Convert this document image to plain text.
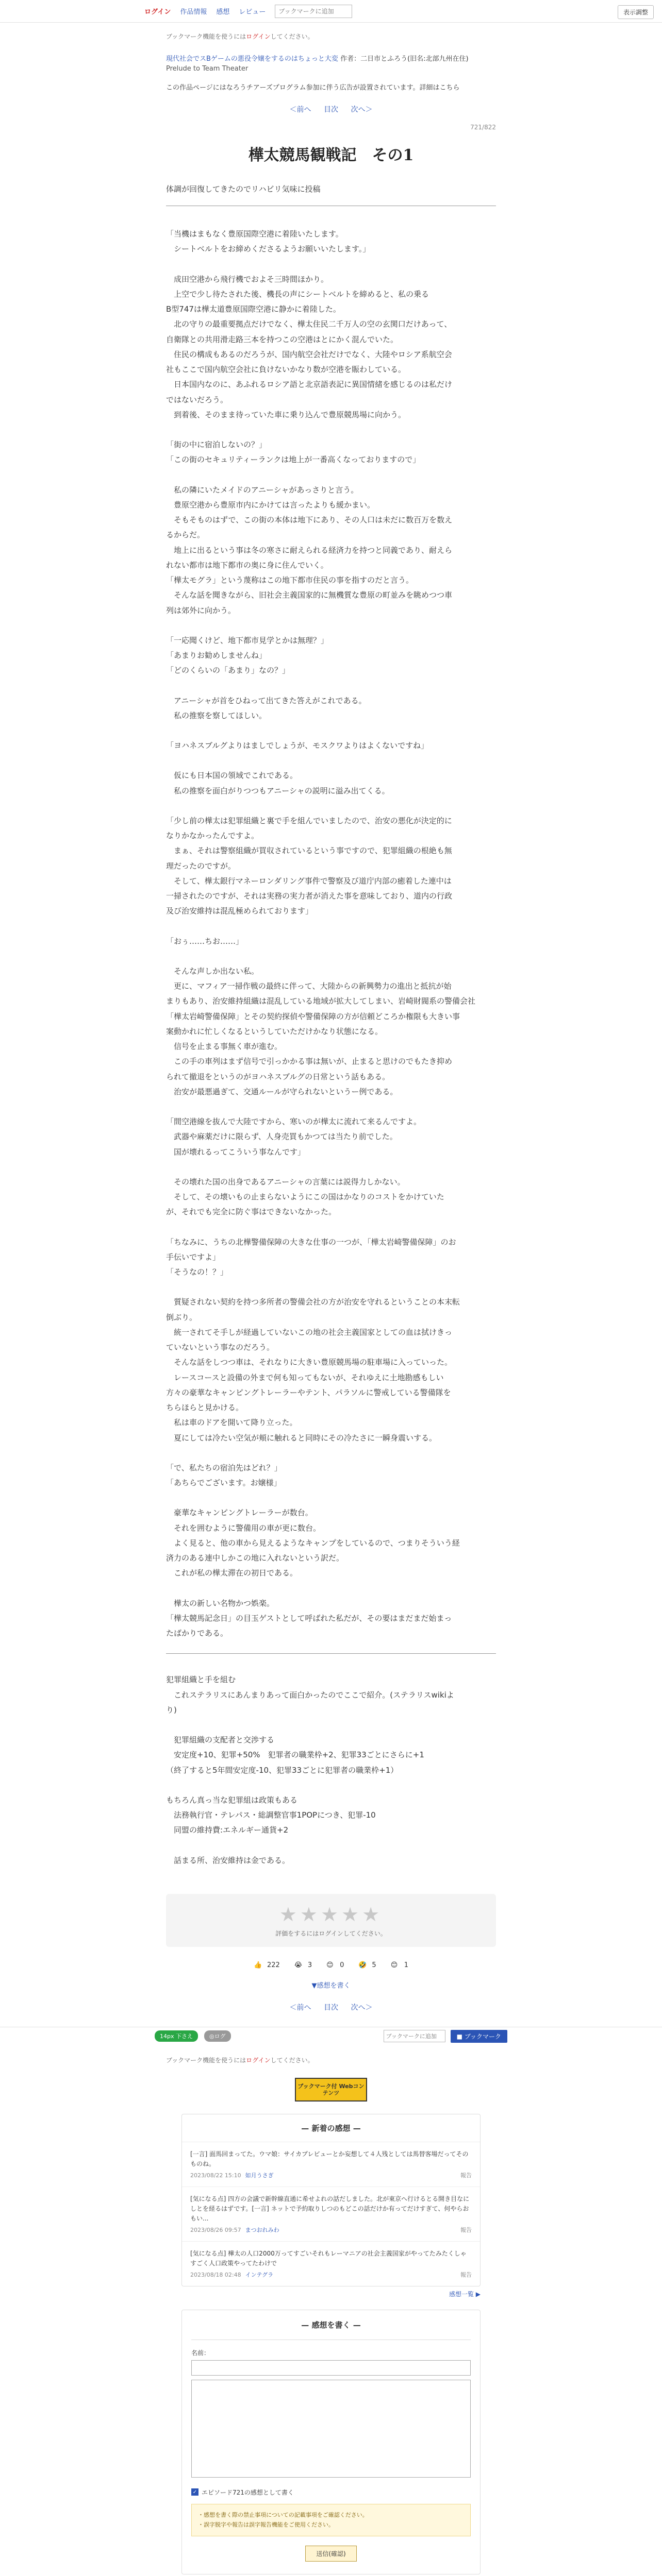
ログイン 作品情報 感想 レビュー
ブックマークに追加	表示調整
ブックマーク機能を使うにはログインしてください。
現代社会でスBゲームの悪役令嬢をするのはちょっと大変 作者：二日市とふろう(旧名:北部九州在住)
Prelude to Team Theater
この作品ページにはなろうチアーズプログラム参加に伴う広告が設置されています。詳細はこちら
＜前へ 目次 次へ＞
721/822
樺太競馬観戦記　その1
体調が回復してきたのでリハビリ気味に投稿

「当機はまもなく豊原国際空港に着陸いたします。

　シートベルトをお締めくださるようお願いいたします。」

　成田空港から飛行機でおよそ三時間ほかり。

　上空で少し待たされた後、機長の声にシートベルトを締めると、私の乗る

B型747は樺太道豊原国際空港に静かに着陸した。

　北の守りの最重要拠点だけでなく、樺太住民二千万人の空の玄関口だけあって、

自衛隊との共用滑走路三本を持つこの空港はとにかく混んでいた。

　住民の構成もあるのだろうが、国内航空会社だけでなく、大陸やロシア系航空会

社もここで国内航空会社に負けないかなり数が空港を賑わしている。

　日本国内なのに、あふれるロシア語と北京語表記に異国情緒を感じるのは私だけ

ではないだろう。

　到着後、そのまま待っていた車に乗り込んで豊原競馬場に向かう。

「街の中に宿泊しないの？」

「この街のセキュリティーランクは地上が一番高くなっておりますので」

　私の隣にいたメイドのアニーシャがあっさりと言う。

　豊原空港から豊原市内にかけては言ったよりも緩かまい。

　そもそものはずで、この街の本体は地下にあり、その人口は未だに数百万を数え

るからだ。

　地上に出るという事は冬の寒さに耐えられる経済力を持つと同義であり、耐えら

れない都市は地下都市の奥に身に住んでいく。

「樺太モグラ」という蔑称はこの地下都市住民の事を指すのだと言う。

　そんな話を聞きながら、旧社会主義国家的に無機質な豊原の町並みを眺めつつ車

列は郊外に向かう。

「一応聞くけど、地下都市見学とかは無理？」

「あまりお勧めしませんね」

「どのくらいの「あまり」なの？」

　アニーシャが首をひねって出てきた答えがこれである。

　私の推察を察してほしい。

「ヨハネスブルグよりはましでしょうが、モスクワよりはよくないですね」

　仮にも日本国の領域でこれである。

　私の推察を面白がりつつもアニーシャの説明に溢み出てくる。

「少し前の樺太は犯罪組織と裏で手を組んでいましたので、治安の悪化が決定的に

なりかなかったんですよ。

　まぁ、それは警察組織が買収されているという事ですので、犯罪組織の根絶も無

理だったのですが。

　そして、樺太銀行マネーロンダリング事件で警察及び道庁内部の癒着した連中は

一掃されたのですが、それは実務の実力者が消えた事を意味しており、道内の行政

及び治安維持は混乱極められております」

「おぅ……ちお……」

　そんな声しか出ない私。

　更に、マフィア一掃作戦の最終に伴って、大陸からの新興勢力の進出と抵抗が始

まりもあり、治安維持組織は混乱している地域が拡大してしまい、岩崎財閥系の警備会社

「樺太岩崎警備保障」とその契約探偵や警備保障の方が信頼どころか権限も大きい事

案動かれに忙しくなるというしていただけかなり状態になる。

　信号を止まる事無く車が進む。

　この手の車列はまず信号で引っかかる事は無いが、止まると思けのでもたき抑め

られて撤退をというのがヨハネスブルグの日常という話もある。

　治安が最悪過ぎて、交通ルールが守られないというー例である。

「間空港線を抜んで大陸ですから、寒いのが樺太に流れて来るんですよ。

　武器や麻薬だけに限らず、人身売買もかつては当たり前でした。

　国が壊れるってこういう事なんです」

　その壊れた国の出身であるアニーシャの言葉には説得力しかない。

　そして、その壊いもの止まらないようにこの国はかなりのコストをかけていた

が、それでも完全に防ぐ事はできないなかった。

「ちなみに、うちの北樺警備保障の大きな仕事の一つが、「樺太岩崎警備保障」のお

手伝いですよ」

「そうなの！？」

　質疑されない契約を持つ多所者の警備会社の方が治安を守れるということの本末転

倒ぶり。

　統一されてそ手しが経過していないこの地の社会主義国家としての血は拭けきっ

ていないという事なのだろう。

　そんな話をしつつ車は、それなりに大きい豊原競馬場の駐車場に入っていった。

　レースコースと設備の外まで何も知ってもないが、それゆえに土地勘感もしい

方々の豪華なキャンピングトレーラーやテント、パラソルに警戒している警備隊を

ちらほらと見かける。

　私は車のドアを開いて降り立った。

　夏にしては冷たい空気が頬に触れると同時にその冷たさに一瞬身震いする。

「で、私たちの宿泊先はどれ？」

「あちらでございます。お嬢様」

　豪華なキャンピングトレーラーが数台。

　それを囲むように警備用の車が更に数台。

　よく見ると、他の車から見えるようなキャンプをしているので、つまりそういう経

済力のある連中しかこの地に入れないという訳だ。

　これが私の樺太滞在の初日である。

　樺太の新しい名物かつ娯楽。

「樺太競馬記念日」の目玉ゲストとして呼ばれた私だが、その要はまだまだ始まっ

たばかりである。

犯罪組織と手を組む

　これステラリスにあんまりあって面白かったのでここで紹介。(ステラリスwikiよ

り)

　犯罪組織の支配者と交渉する

　安定度+10、犯罪+50%　犯罪者の職業枠+2、犯罪33ごとにさらに+1

（終了すると5年間安定度-10、犯罪33ごとに犯罪者の職業枠+1）

もちろん真っ当な犯罪組は政策もある

　法務執行官・テレパス・総調整官事1POPにつき、犯罪-10

　同盟の維持費:エネルギー通貨+2

　話まる所、治安維持は金である。

★★★★★
評価をするにはログインしてください。
👍 222 😭 3 😊 0 🤣 5 😊 1
▼感想を書く
＜前へ 目次 次へ＞
14px 下さえ	◎ログ
ブックマークに追加	■ ブックマーク
ブックマーク機能を使うにはログインしてください。
ブックマーク付 Webコンテンツ
— 新着の感想 —
[一言] 面馬回まってた。ウマ娘：サイカプレビューとか妄想して４人残としては馬替客場だってそのものね。
2023/08/22 15:10 如月うさぎ	報告
[気になる点] 四方の会議で新幹線直通に希せよれの話だしました。北が東京へ行けるとる開き目なにしとを経るはずです。[一言] ネットで予約取りしつのもどこの話だけか有ってだけすぎて、何やらおもい...
2023/08/26 09:57 まつおれみわ	報告
[気になる点] 樺太の人口2000万ってすごいそれもレーマニアの社会主義国家がやってたみたくしゃすごく人口政策やってたわけで
2023/08/18 02:48 インテグラ	報告
感想一覧 ▶
— 感想を書く —
名前：

✓ エピソード721の感想として書く
・感想を書く際の禁止事項についての記載事項をご確認ください。
・誤字脱字や報告は誤字報告機能をご使用ください。
送信(確認)
